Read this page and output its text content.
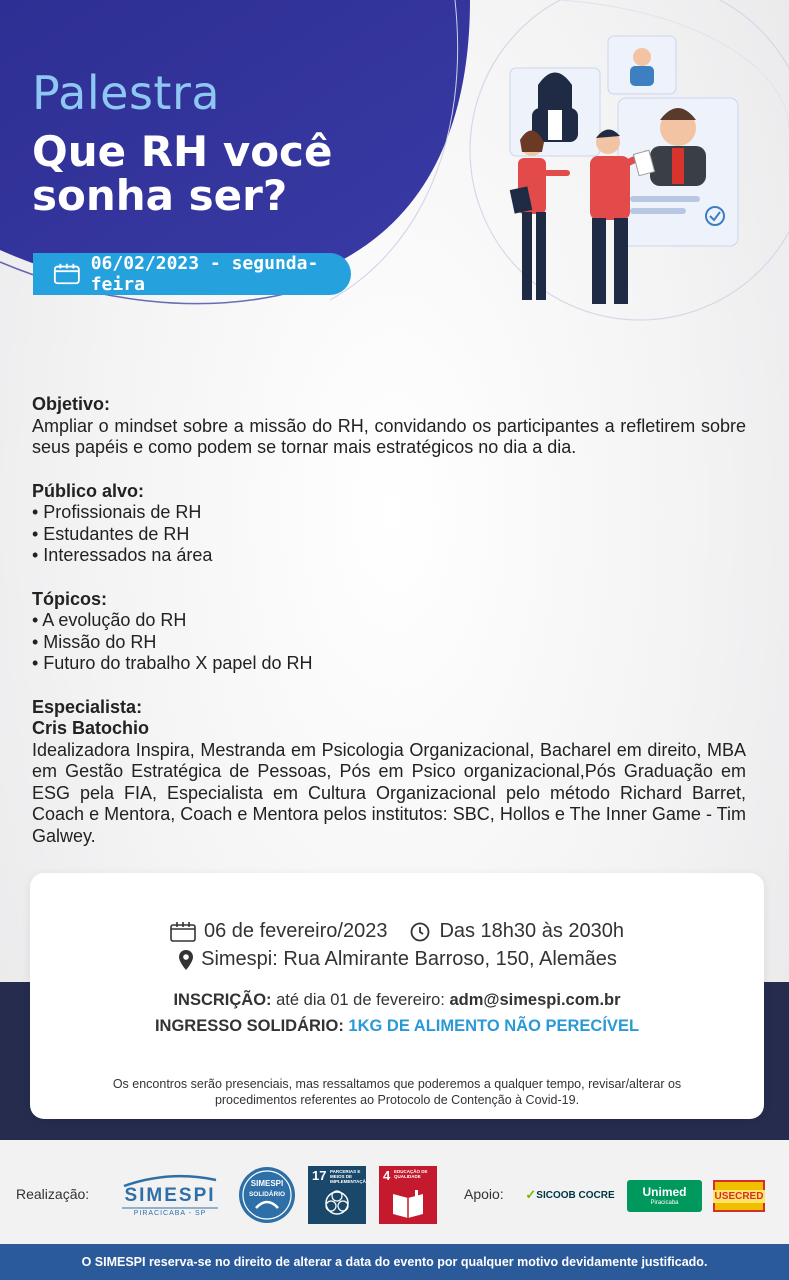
Palestra
Que RH você sonha ser?
06/02/2023 - segunda-feira
Objetivo:
Ampliar o mindset sobre a missão do RH, convidando os participantes a refletirem sobre seus papéis e como podem se tornar mais estratégicos no dia a dia.
Público alvo:
• Profissionais de RH
• Estudantes de RH
• Interessados na área
Tópicos:
• A evolução do RH
• Missão do RH
• Futuro do trabalho X papel do RH
Especialista:
Cris Batochio
Idealizadora Inspira, Mestranda em Psicologia Organizacional, Bacharel em direito, MBA em Gestão Estratégica de Pessoas, Pós em Psico organizacional,Pós Graduação em ESG pela FIA, Especialista em Cultura Organizacional pelo método Richard Barret, Coach e Mentora, Coach e Mentora pelos institutos: SBC, Hollos e The Inner Game - Tim Galwey.
06 de fevereiro/2023	Das 18h30 às 2030h
Simespi: Rua Almirante Barroso, 150, Alemães
INSCRIÇÃO: até dia 01 de fevereiro: adm@simespi.com.br
INGRESSO SOLIDÁRIO: 1KG DE ALIMENTO NÃO PERECÍVEL
Os encontros serão presenciais, mas ressaltamos que poderemos a qualquer tempo, revisar/alterar os procedimentos referentes ao Protocolo de Contenção à Covid-19.
Realização:	SIMESPI
PIRACICABA - SP
SIMESPI
SOLIDÁRIO
17 PARCERIAS E MEIOS DE IMPLEMENTAÇÃO 4 EDUCAÇÃO DE QUALIDADE
Apoio: ✓ SICOOB COCRE Unimed
Piracicaba
USECRED
O SIMESPI reserva-se no direito de alterar a data do evento por qualquer motivo devidamente justificado.
